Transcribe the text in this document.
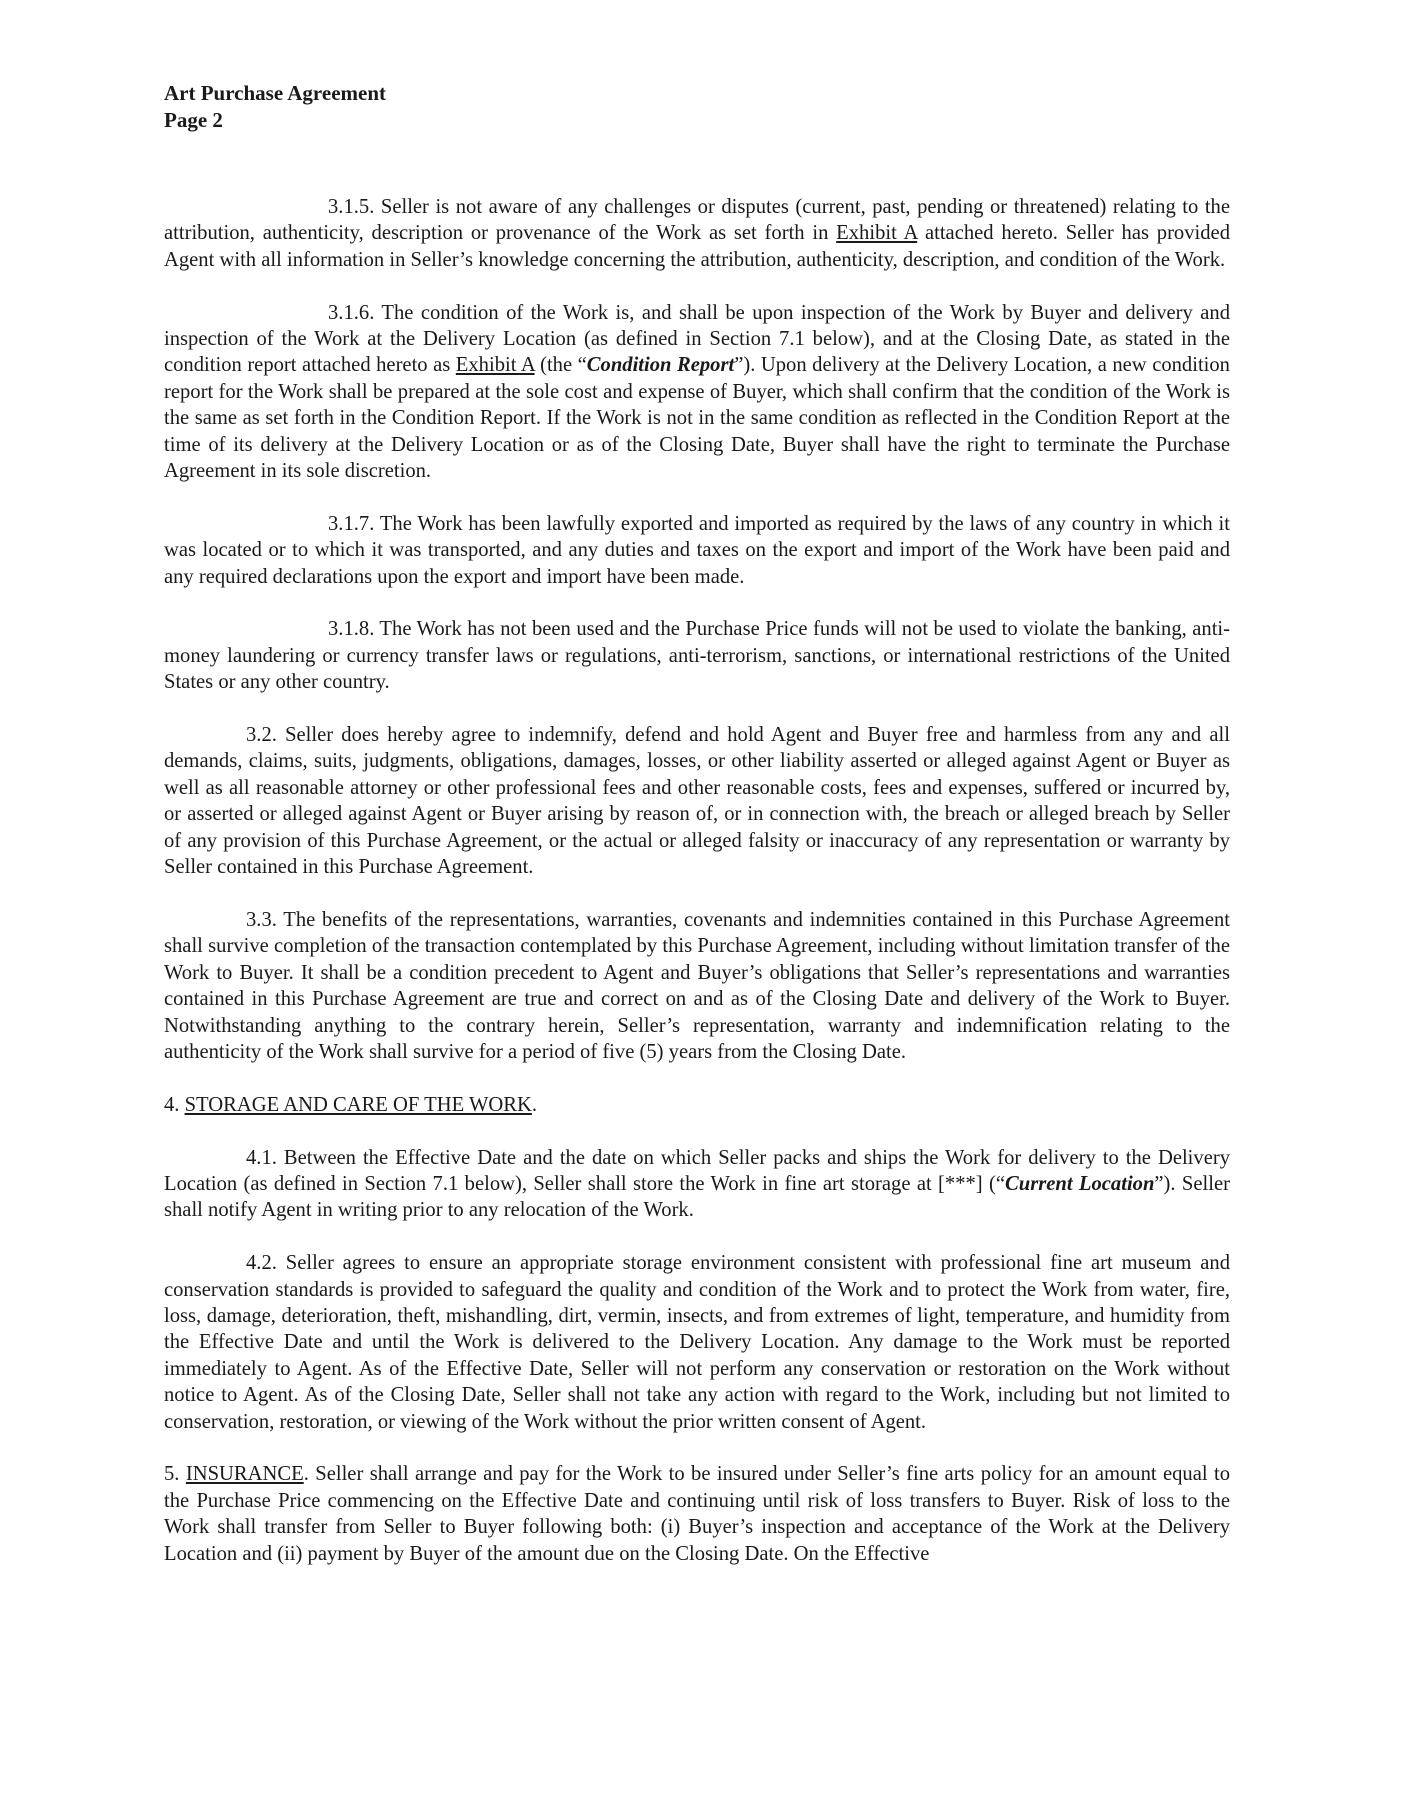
Art Purchase Agreement

Page 2

3.1.5. Seller is not aware of any challenges or disputes (current, past, pending or threatened) relating to the attribution, authenticity, description or provenance of the Work as set forth in Exhibit A attached hereto. Seller has provided Agent with all information in Seller’s knowledge concerning the attribution, authenticity, description, and condition of the Work.

3.1.6. The condition of the Work is, and shall be upon inspection of the Work by Buyer and delivery and inspection of the Work at the Delivery Location (as defined in Section 7.1 below), and at the Closing Date, as stated in the condition report attached hereto as Exhibit A (the “Condition Report”). Upon delivery at the Delivery Location, a new condition report for the Work shall be prepared at the sole cost and expense of Buyer, which shall confirm that the condition of the Work is the same as set forth in the Condition Report. If the Work is not in the same condition as reflected in the Condition Report at the time of its delivery at the Delivery Location or as of the Closing Date, Buyer shall have the right to terminate the Purchase Agreement in its sole discretion.

3.1.7. The Work has been lawfully exported and imported as required by the laws of any country in which it was located or to which it was transported, and any duties and taxes on the export and import of the Work have been paid and any required declarations upon the export and import have been made.

3.1.8. The Work has not been used and the Purchase Price funds will not be used to violate the banking, anti-money laundering or currency transfer laws or regulations, anti-terrorism, sanctions, or international restrictions of the United States or any other country.

3.2. Seller does hereby agree to indemnify, defend and hold Agent and Buyer free and harmless from any and all demands, claims, suits, judgments, obligations, damages, losses, or other liability asserted or alleged against Agent or Buyer as well as all reasonable attorney or other professional fees and other reasonable costs, fees and expenses, suffered or incurred by, or asserted or alleged against Agent or Buyer arising by reason of, or in connection with, the breach or alleged breach by Seller of any provision of this Purchase Agreement, or the actual or alleged falsity or inaccuracy of any representation or warranty by Seller contained in this Purchase Agreement.

3.3. The benefits of the representations, warranties, covenants and indemnities contained in this Purchase Agreement shall survive completion of the transaction contemplated by this Purchase Agreement, including without limitation transfer of the Work to Buyer. It shall be a condition precedent to Agent and Buyer’s obligations that Seller’s representations and warranties contained in this Purchase Agreement are true and correct on and as of the Closing Date and delivery of the Work to Buyer. Notwithstanding anything to the contrary herein, Seller’s representation, warranty and indemnification relating to the authenticity of the Work shall survive for a period of five (5) years from the Closing Date.

4. STORAGE AND CARE OF THE WORK.

4.1. Between the Effective Date and the date on which Seller packs and ships the Work for delivery to the Delivery Location (as defined in Section 7.1 below), Seller shall store the Work in fine art storage at [***] (“Current Location”). Seller shall notify Agent in writing prior to any relocation of the Work.

4.2. Seller agrees to ensure an appropriate storage environment consistent with professional fine art museum and conservation standards is provided to safeguard the quality and condition of the Work and to protect the Work from water, fire, loss, damage, deterioration, theft, mishandling, dirt, vermin, insects, and from extremes of light, temperature, and humidity from the Effective Date and until the Work is delivered to the Delivery Location. Any damage to the Work must be reported immediately to Agent. As of the Effective Date, Seller will not perform any conservation or restoration on the Work without notice to Agent. As of the Closing Date, Seller shall not take any action with regard to the Work, including but not limited to conservation, restoration, or viewing of the Work without the prior written consent of Agent.

5. INSURANCE. Seller shall arrange and pay for the Work to be insured under Seller’s fine arts policy for an amount equal to the Purchase Price commencing on the Effective Date and continuing until risk of loss transfers to Buyer. Risk of loss to the Work shall transfer from Seller to Buyer following both: (i) Buyer’s inspection and acceptance of the Work at the Delivery Location and (ii) payment by Buyer of the amount due on the Closing Date. On the Effective
